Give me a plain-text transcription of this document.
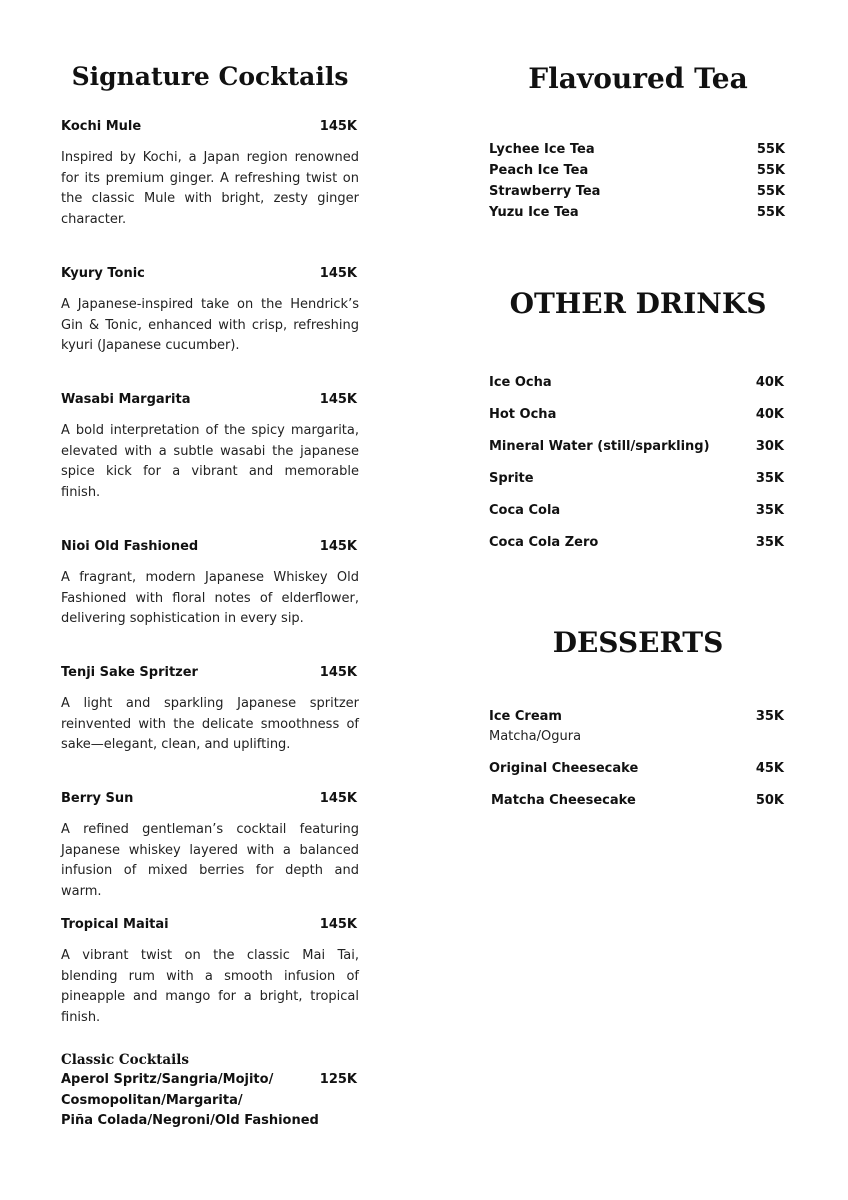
Signature Cocktails
Kochi Mule	145K

Inspired by Kochi, a Japan region renowned for its premium ginger. A refreshing twist on the classic Mule with bright, zesty ginger character.

Kyury Tonic	145K

A Japanese-inspired take on the Hendrick’s Gin & Tonic, enhanced with crisp, refreshing kyuri (Japanese cucumber).

Wasabi Margarita	145K

A bold interpretation of the spicy margarita, elevated with a subtle wasabi the japanese spice kick for a vibrant and memorable finish.

Nioi Old Fashioned	145K

A fragrant, modern Japanese Whiskey Old Fashioned with floral notes of elderflower, delivering sophistication in every sip.

Tenji Sake Spritzer	145K

A light and sparkling Japanese spritzer reinvented with the delicate smoothness of sake—elegant, clean, and uplifting.

Berry Sun	145K

A refined gentleman’s cocktail featuring Japanese whiskey layered with a balanced infusion of mixed berries for depth and warm.

Tropical Maitai	145K

A vibrant twist on the classic Mai Tai, blending rum with a smooth infusion of pineapple and mango for a bright, tropical finish.

Classic Cocktails
Aperol Spritz/Sangria/Mojito/	125K
Cosmopolitan/Margarita/
Piña Colada/Negroni/Old Fashioned
Flavoured Tea
Lychee Ice Tea	55K
Peach Ice Tea	55K
Strawberry Tea	55K
Yuzu Ice Tea	55K
OTHER DRINKS
Ice Ocha	40K
Hot Ocha	40K
Mineral Water (still/sparkling)	30K
Sprite	35K
Coca Cola	35K
Coca Cola Zero	35K
DESSERTS
Ice Cream	35K
Matcha/Ogura
Original Cheesecake	45K
Matcha Cheesecake	50K
